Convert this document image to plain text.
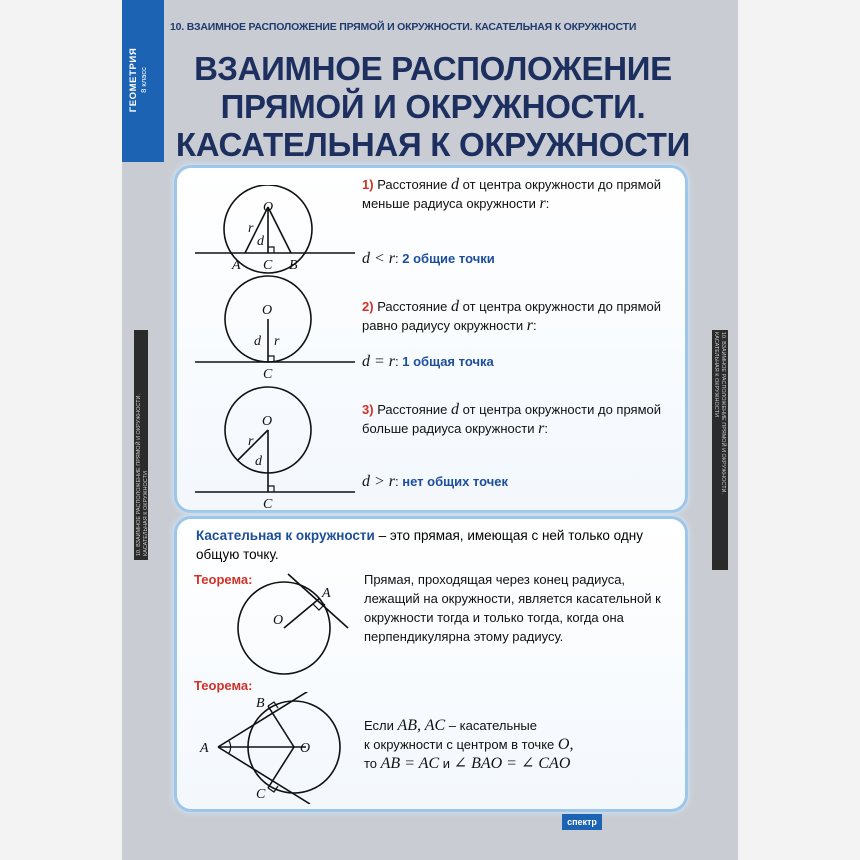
10. ВЗАИМНОЕ РАСПОЛОЖЕНИЕ ПРЯМОЙ И ОКРУЖНОСТИ. КАСАТЕЛЬНАЯ К ОКРУЖНОСТИ
ГЕОМЕТРИЯ 8 класс
10. ВЗАИМНОЕ РАСПОЛОЖЕНИЕ ПРЯМОЙ И ОКРУЖНОСТИ. КАСАТЕЛЬНАЯ К ОКРУЖНОСТИ
10. ВЗАИМНОЕ РАСПОЛОЖЕНИЕ ПРЯМОЙ И ОКРУЖНОСТИ.
КАСАТЕЛЬНАЯ К ОКРУЖНОСТИ
ВЗАИМНОЕ РАСПОЛОЖЕНИЕ
ПРЯМОЙ И ОКРУЖНОСТИ.
КАСАТЕЛЬНАЯ К ОКРУЖНОСТИ
O
r
d
A C B
O
r
d
C
O
r
d
C
1) Расстояние d от центра окружности до прямой меньше радиуса окружности r:
d < r: 2 общие точки
2) Расстояние d от центра окружности до прямой равно радиусу окружности r:
d = r: 1 общая точка
3) Расстояние d от центра окружности до прямой больше радиуса окружности r:
d > r: нет общих точек
Касательная к окружности – это прямая, имеющая с ней только одну общую точку.
Теорема:
O
A
Прямая, проходящая через конец радиуса, лежащий на окружности, является касательной к окружности тогда и только тогда, когда она перпендикулярна этому радиусу.
Теорема:
O
A
B
C
Если AB, AC – касательные
к окружности с центром в точке O,
то AB = AC и ∠ BAO = ∠ CAO
спектр
